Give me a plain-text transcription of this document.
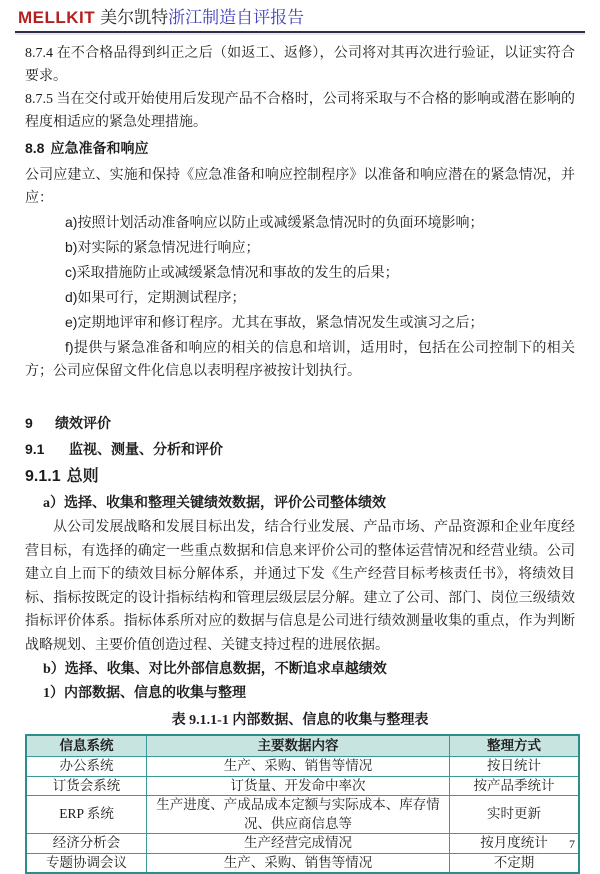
MELLKIT 美尔凯特浙江制造自评报告

8.7.4 在不合格品得到纠正之后（如返工、返修），公司将对其再次进行验证，以证实符合要求。

8.7.5 当在交付或开始使用后发现产品不合格时，公司将采取与不合格的影响或潜在影响的程度相适应的紧急处理措施。

8.8 应急准备和响应

公司应建立、实施和保持《应急准备和响应控制程序》以准备和响应潜在的紧急情况，并应：

a)按照计划活动准备响应以防止或减缓紧急情况时的负面环境影响；

b)对实际的紧急情况进行响应；

c)采取措施防止或减缓紧急情况和事故的发生的后果；

d)如果可行，定期测试程序；

e)定期地评审和修订程序。尤其在事故，紧急情况发生或演习之后；

f)提供与紧急准备和响应的相关的信息和培训，适用时，包括在公司控制下的相关方；公司应保留文件化信息以表明程序被按计划执行。

9 绩效评价

9.1 监视、测量、分析和评价

9.1.1 总则

a）选择、收集和整理关键绩效数据，评价公司整体绩效

从公司发展战略和发展目标出发，结合行业发展、产品市场、产品资源和企业年度经营目标，有选择的确定一些重点数据和信息来评价公司的整体运营情况和经营业绩。公司建立自上而下的绩效目标分解体系，并通过下发《生产经营目标考核责任书》，将绩效目标、指标按既定的设计指标结构和管理层级层层分解。建立了公司、部门、岗位三级绩效指标评价体系。指标体系所对应的数据与信息是公司进行绩效测量收集的重点，作为判断战略规划、主要价值创造过程、关键支持过程的进展依据。

b）选择、收集、对比外部信息数据，不断追求卓越绩效

1）内部数据、信息的收集与整理

表 9.1.1-1 内部数据、信息的收集与整理表

信息系统	主要数据内容	整理方式
办公系统	生产、采购、销售等情况	按日统计
订货会系统	订货量、开发命中率次	按产品季统计
ERP 系统	生产进度、产成品成本定额与实际成本、库存情况、供应商信息等	实时更新
经济分析会	生产经营完成情况	按月度统计
专题协调会议	生产、采购、销售等情况	不定期
7
